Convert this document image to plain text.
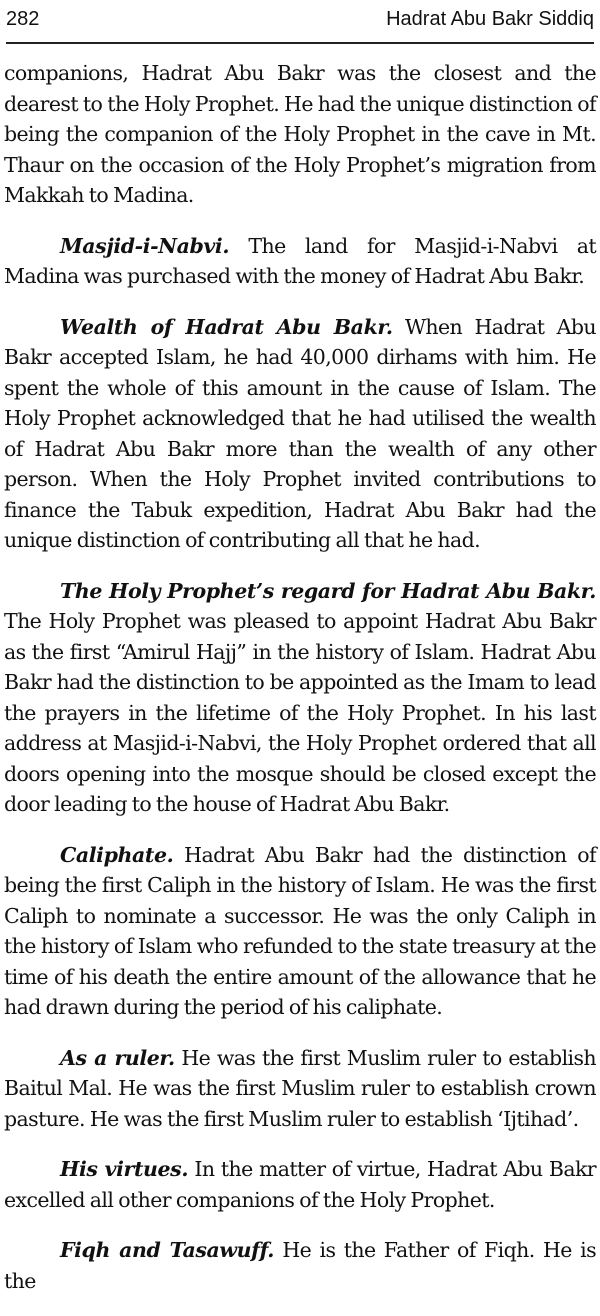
282	Hadrat Abu Bakr Siddiq

companions, Hadrat Abu Bakr was the closest and the dearest to the Holy Prophet. He had the unique distinction of being the companion of the Holy Prophet in the cave in Mt. Thaur on the occasion of the Holy Prophet’s migration from Makkah to Madina.

Masjid-i-Nabvi. The land for Masjid-i-Nabvi at Madina was purchased with the money of Hadrat Abu Bakr.

Wealth of Hadrat Abu Bakr. When Hadrat Abu Bakr accepted Islam, he had 40,000 dirhams with him. He spent the whole of this amount in the cause of Islam. The Holy Prophet acknowledged that he had utilised the wealth of Hadrat Abu Bakr more than the wealth of any other person. When the Holy Prophet invited contributions to finance the Tabuk expedition, Hadrat Abu Bakr had the unique distinction of contributing all that he had.

The Holy Prophet’s regard for Hadrat Abu Bakr. The Holy Prophet was pleased to appoint Hadrat Abu Bakr as the first “Amirul Hajj” in the history of Islam. Hadrat Abu Bakr had the distinction to be appointed as the Imam to lead the prayers in the lifetime of the Holy Prophet. In his last address at Masjid-i-Nabvi, the Holy Prophet ordered that all doors opening into the mosque should be closed except the door leading to the house of Hadrat Abu Bakr.

Caliphate. Hadrat Abu Bakr had the distinction of being the first Caliph in the history of Islam. He was the first Caliph to nominate a successor. He was the only Caliph in the history of Islam who refunded to the state treasury at the time of his death the entire amount of the allowance that he had drawn during the period of his caliphate.

As a ruler. He was the first Muslim ruler to establish Baitul Mal. He was the first Muslim ruler to establish crown pasture. He was the first Muslim ruler to establish ‘Ijtihad’.

His virtues. In the matter of virtue, Hadrat Abu Bakr excelled all other companions of the Holy Prophet.

Fiqh and Tasawuff. He is the Father of Fiqh. He is the
